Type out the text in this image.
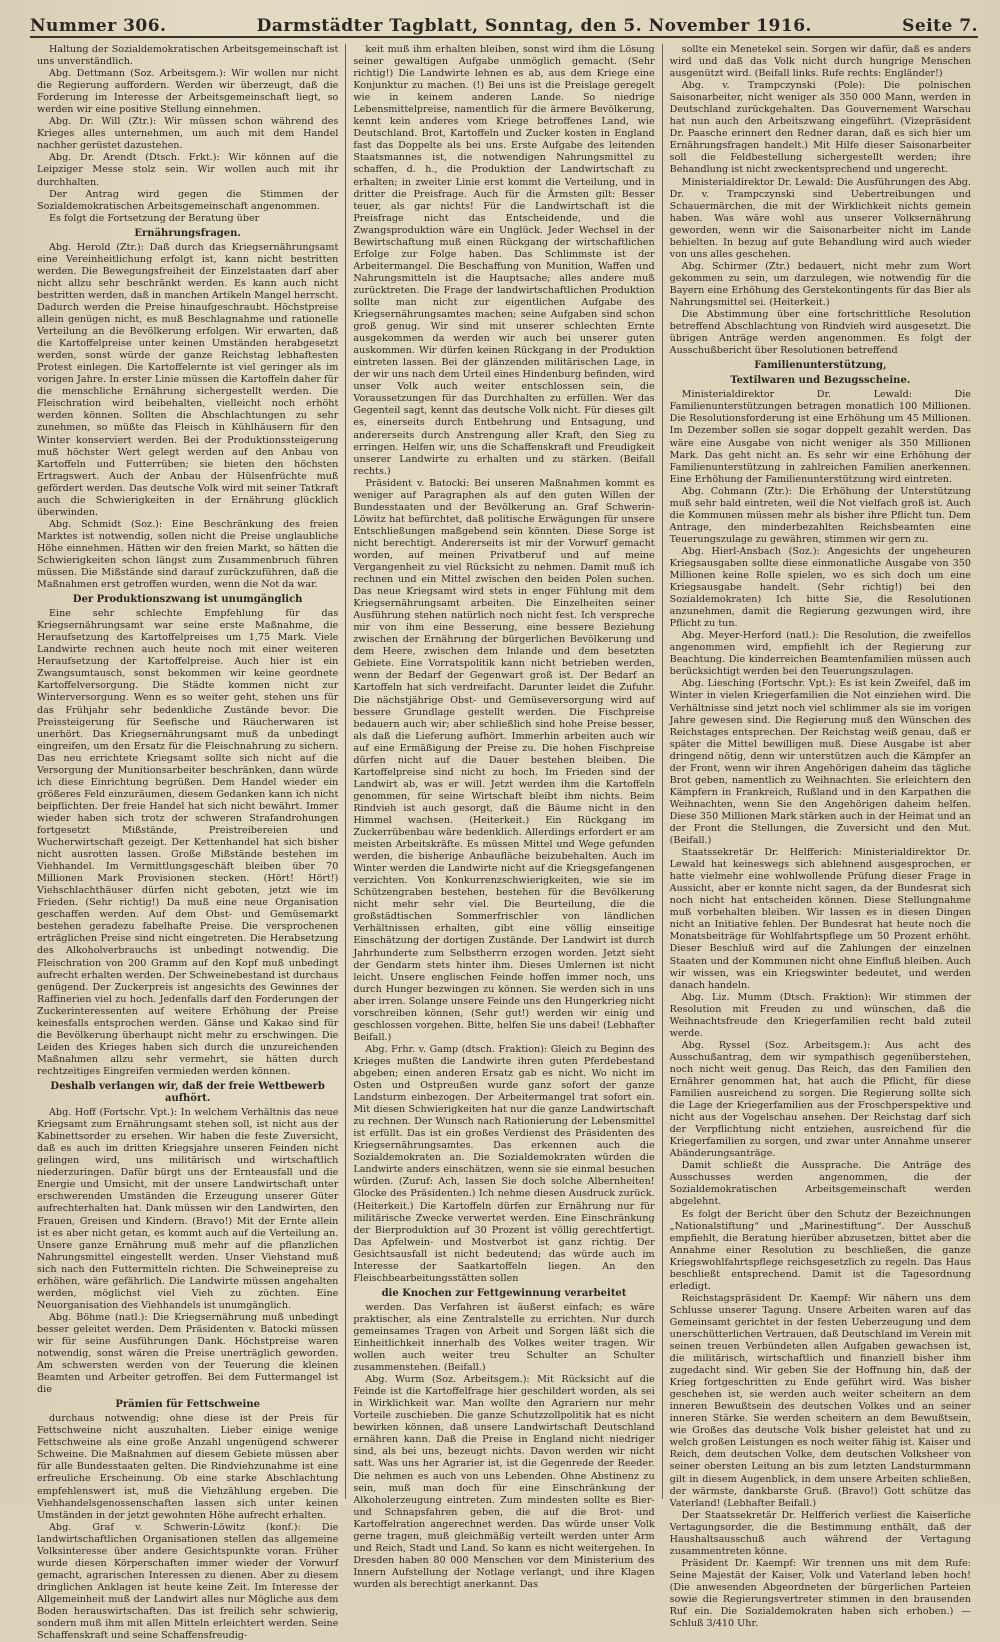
Nummer 306.	Darmstädter Tagblatt, Sonntag, den 5. November 1916.	Seite 7.

Haltung der Sozialdemokratischen Arbeitsgemeinschaft ist uns unverständlich.

Abg. Dettmann (Soz. Arbeitsgem.): Wir wollen nur nicht die Regierung auffordern. Werden wir überzeugt, daß die Forderung im Interesse der Arbeitsgemeinschaft liegt, so werden wir eine positive Stellung einnehmen.

Abg. Dr. Will (Ztr.): Wir müssen schon während des Krieges alles unternehmen, um auch mit dem Handel nachher gerüstet dazustehen.

Abg. Dr. Arendt (Dtsch. Frkt.): Wir können auf die Leipziger Messe stolz sein. Wir wollen auch mit ihr durchhalten.

Der Antrag wird gegen die Stimmen der Sozialdemokratischen Arbeitsgemeinschaft angenommen.

Es folgt die Fortsetzung der Beratung über

Ernährungsfragen.

Abg. Herold (Ztr.): Daß durch das Kriegsernährungsamt eine Vereinheitlichung erfolgt ist, kann nicht bestritten werden. Die Bewegungsfreiheit der Einzelstaaten darf aber nicht allzu sehr beschränkt werden. Es kann auch nicht bestritten werden, daß in manchen Artikeln Mangel herrscht. Dadurch werden die Preise hinaufgeschraubt. Höchstpreise allein genügen nicht, es muß Beschlagnahme und rationelle Verteilung an die Bevölkerung erfolgen. Wir erwarten, daß die Kartoffelpreise unter keinen Umständen herabgesetzt werden, sonst würde der ganze Reichstag lebhaftesten Protest einlegen. Die Kartoffelernte ist viel geringer als im vorigen Jahre. In erster Linie müssen die Kartoffeln daher für die menschliche Ernährung sichergestellt werden. Die Fleischration wird beibehalten, vielleicht noch erhöht werden können. Sollten die Abschlachtungen zu sehr zunehmen, so müßte das Fleisch in Kühlhäusern für den Winter konserviert werden. Bei der Produktionssteigerung muß höchster Wert gelegt werden auf den Anbau von Kartoffeln und Futterrüben; sie bieten den höchsten Ertragswert. Auch der Anbau der Hülsenfrüchte muß gefördert werden. Das deutsche Volk wird mit seiner Tatkraft auch die Schwierigkeiten in der Ernährung glücklich überwinden.

Abg. Schmidt (Soz.): Eine Beschränkung des freien Marktes ist notwendig, sollen nicht die Preise unglaubliche Höhe einnehmen. Hätten wir den freien Markt, so hätten die Schwierigkeiten schon längst zum Zusammenbruch führen müssen. Die Mißstände sind darauf zurückzuführen, daß die Maßnahmen erst getroffen wurden, wenn die Not da war.

Der Produktionszwang ist unumgänglich

Eine sehr schlechte Empfehlung für das Kriegsernährungsamt war seine erste Maßnahme, die Heraufsetzung des Kartoffelpreises um 1,75 Mark. Viele Landwirte rechnen auch heute noch mit einer weiteren Heraufsetzung der Kartoffelpreise. Auch hier ist ein Zwangsumtausch, sonst bekommen wir keine geordnete Kartoffelversorgung. Die Städte kommen nicht zur Winterversorgung. Wenn es so weiter geht, stehen uns für das Frühjahr sehr bedenkliche Zustände bevor. Die Preissteigerung für Seefische und Räucherwaren ist unerhört. Das Kriegsernährungsamt muß da unbedingt eingreifen, um den Ersatz für die Fleischnahrung zu sichern. Das neu errichtete Kriegsamt sollte sich nicht auf die Versorgung der Munitionsarbeiter beschränken, dann würde ich diese Einrichtung begrüßen. Dem Handel wieder ein größeres Feld einzuräumen, diesem Gedanken kann ich nicht beipflichten. Der freie Handel hat sich nicht bewährt. Immer wieder haben sich trotz der schweren Strafandrohungen fortgesetzt Mißstände, Preistreibereien und Wucherwirtschaft gezeigt. Der Kettenhandel hat sich bisher nicht ausrotten lassen. Große Mißstände bestehen im Viehhandel. Im Vermittlungsgeschäft bleiben über 70 Millionen Mark Provisionen stecken. (Hört! Hört!) Viehschlachthäuser dürfen nicht geboten, jetzt wie im Frieden. (Sehr richtig!) Da muß eine neue Organisation geschaffen werden. Auf dem Obst- und Gemüsemarkt bestehen geradezu fabelhafte Preise. Die versprochenen erträglichen Preise sind nicht eingetreten. Die Herabsetzung des Alkoholverbrauchs ist unbedingt notwendig. Die Fleischration von 200 Gramm auf den Kopf muß unbedingt aufrecht erhalten werden. Der Schweinebestand ist durchaus genügend. Der Zuckerpreis ist angesichts des Gewinnes der Raffinerien viel zu hoch. Jedenfalls darf den Forderungen der Zuckerinteressenten auf weitere Erhöhung der Preise keinesfalls entsprochen werden. Gänse und Kakao sind für die Bevölkerung überhaupt nicht mehr zu erschwingen. Die Leiden des Krieges haben sich durch die unzureichenden Maßnahmen allzu sehr vermehrt, sie hätten durch rechtzeitiges Eingreifen vermieden werden können.

Deshalb verlangen wir, daß der freie Wettbewerb aufhört.

Abg. Hoff (Fortschr. Vpt.): In welchem Verhältnis das neue Kriegsamt zum Ernährungsamt stehen soll, ist nicht aus der Kabinettsorder zu ersehen. Wir haben die feste Zuversicht, daß es auch im dritten Kriegsjahre unseren Feinden nicht gelingen wird, uns militärisch und wirtschaftlich niederzuringen. Dafür bürgt uns der Ernteausfall und die Energie und Umsicht, mit der unsere Landwirtschaft unter erschwerenden Umständen die Erzeugung unserer Güter aufrechterhalten hat. Dank müssen wir den Landwirten, den Frauen, Greisen und Kindern. (Bravo!) Mit der Ernte allein ist es aber nicht getan, es kommt auch auf die Verteilung an. Unsere ganze Ernährung muß mehr auf die pflanzlichen Nahrungsmittel eingestellt werden. Unser Viehstand muß sich nach den Futtermitteln richten. Die Schweinepreise zu erhöhen, wäre gefährlich. Die Landwirte müssen angehalten werden, möglichst viel Vieh zu züchten. Eine Neuorganisation des Viehhandels ist unumgänglich.

Abg. Böhme (natl.): Die Kriegsernährung muß unbedingt besser geleitet werden. Dem Präsidenten v. Batocki müssen wir für seine Ausführungen Dank. Höchstpreise waren notwendig, sonst wären die Preise unerträglich geworden. Am schwersten werden von der Teuerung die kleinen Beamten und Arbeiter getroffen. Bei dem Futtermangel ist die

Prämien für Fettschweine

durchaus notwendig; ohne diese ist der Preis für Fettschweine nicht auszuhalten. Lieber einige wenige Fettschweine als eine große Anzahl ungenügend schwerer Schweine. Die Maßnahmen auf diesem Gebiete müssen aber für alle Bundesstaaten gelten. Die Rindviehzunahme ist eine erfreuliche Erscheinung. Ob eine starke Abschlachtung empfehlenswert ist, muß die Viehzählung ergeben. Die Viehhandelsgenossenschaften lassen sich unter keinen Umständen in der jetzt gewohnten Höhe aufrecht erhalten.

Abg. Graf v. Schwerin-Löwitz (konf.): Die landwirtschaftlichen Organisationen stellen das allgemeine Volksinteresse über andere Gesichtspunkte voran. Früher wurde diesen Körperschaften immer wieder der Vorwurf gemacht, agrarischen Interessen zu dienen. Aber zu diesem dringlichen Anklagen ist heute keine Zeit. Im Interesse der Allgemeinheit muß der Landwirt alles nur Mögliche aus dem Boden herauswirtschaften. Das ist freilich sehr schwierig, sondern muß ihm mit allen Mitteln erleichtert werden. Seine Schaffenskraft und seine Schaffensfreudig-

keit muß ihm erhalten bleiben, sonst wird ihm die Lösung seiner gewaltigen Aufgabe unmöglich gemacht. (Sehr richtig!) Die Landwirte lehnen es ab, aus dem Kriege eine Konjunktur zu machen. (!) Bei uns ist die Preislage geregelt wie in keinem anderen Lande. So niedrige Lebensmittelpreise, namentlich für die ärmere Bevölkerung, kennt kein anderes vom Kriege betroffenes Land, wie Deutschland. Brot, Kartoffeln und Zucker kosten in England fast das Doppelte als bei uns. Erste Aufgabe des leitenden Staatsmannes ist, die notwendigen Nahrungsmittel zu schaffen, d. h., die Produktion der Landwirtschaft zu erhalten; in zweiter Linie erst kommt die Verteilung, und in dritter die Preisfrage. Auch für die Ärmsten gilt: Besser teuer, als gar nichts! Für die Landwirtschaft ist die Preisfrage nicht das Entscheidende, und die Zwangsproduktion wäre ein Unglück. Jeder Wechsel in der Bewirtschaftung muß einen Rückgang der wirtschaftlichen Erfolge zur Folge haben. Das Schlimmste ist der Arbeitermangel. Die Beschaffung von Munition, Waffen und Nahrungsmitteln ist die Hauptsache; alles andere muß zurücktreten. Die Frage der landwirtschaftlichen Produktion sollte man nicht zur eigentlichen Aufgabe des Kriegsernährungsamtes machen; seine Aufgaben sind schon groß genug. Wir sind mit unserer schlechten Ernte ausgekommen da werden wir auch bei unserer guten auskommen. Wir dürfen keinen Rückgang in der Produktion eintreten lassen. Bei der glänzenden militärischen Lage, in der wir uns nach dem Urteil eines Hindenburg befinden, wird unser Volk auch weiter entschlossen sein, die Voraussetzungen für das Durchhalten zu erfüllen. Wer das Gegenteil sagt, kennt das deutsche Volk nicht. Für dieses gilt es, einerseits durch Entbehrung und Entsagung, und andererseits durch Anstrengung aller Kraft, den Sieg zu erringen. Helfen wir, uns die Schaffenskraft und Freudigkeit unserer Landwirte zu erhalten und zu stärken. (Beifall rechts.)

Präsident v. Batocki: Bei unseren Maßnahmen kommt es weniger auf Paragraphen als auf den guten Willen der Bundesstaaten und der Bevölkerung an. Graf Schwerin-Löwitz hat befürchtet, daß politische Erwägungen für unsere Entschließungen maßgebend sein könnten. Diese Sorge ist nicht berechtigt. Andererseits ist mir der Vorwurf gemacht worden, auf meinen Privatberuf und auf meine Vergangenheit zu viel Rücksicht zu nehmen. Damit muß ich rechnen und ein Mittel zwischen den beiden Polen suchen. Das neue Kriegsamt wird stets in enger Fühlung mit dem Kriegsernährungsamt arbeiten. Die Einzelheiten seiner Ausführung stehen natürlich noch nicht fest. Ich verspreche mir von ihm eine Besserung, eine bessere Beziehung zwischen der Ernährung der bürgerlichen Bevölkerung und dem Heere, zwischen dem Inlande und dem besetzten Gebiete. Eine Vorratspolitik kann nicht betrieben werden, wenn der Bedarf der Gegenwart groß ist. Der Bedarf an Kartoffeln hat sich verdreifacht. Darunter leidet die Zufuhr. Die nächstjährige Obst- und Gemüseversorgung wird auf bessere Grundlage gestellt werden. Die Fischpreise bedauern auch wir; aber schließlich sind hohe Preise besser, als daß die Lieferung aufhört. Immerhin arbeiten auch wir auf eine Ermäßigung der Preise zu. Die hohen Fischpreise dürfen nicht auf die Dauer bestehen bleiben. Die Kartoffelpreise sind nicht zu hoch. Im Frieden sind der Landwirt ab, was er will. Jetzt werden ihm die Kartoffeln genommen, für seine Wirtschaft bleibt ihm nichts. Beim Rindvieh ist auch gesorgt, daß die Bäume nicht in den Himmel wachsen. (Heiterkeit.) Ein Rückgang im Zuckerrübenbau wäre bedenklich. Allerdings erfordert er am meisten Arbeitskräfte. Es müssen Mittel und Wege gefunden werden, die bisherige Anbaufläche beizubehalten. Auch im Winter werden die Landwirte nicht auf die Kriegsgefangenen verzichten. Von Konkurrenzschwierigkeiten, wie sie im Schützengraben bestehen, bestehen für die Bevölkerung nicht mehr sehr viel. Die Beurteilung, die die großstädtischen Sommerfrischler von ländlichen Verhältnissen erhalten, gibt eine völlig einseitige Einschätzung der dortigen Zustände. Der Landwirt ist durch Jahrhunderte zum Selbstherrn erzogen worden. Jetzt sieht der Gendarm stets hinter ihm. Dieses Umlernen ist nicht leicht. Unsere englischen Feinde hoffen immer noch, uns durch Hunger bezwingen zu können. Sie werden sich in uns aber irren. Solange unsere Feinde uns den Hungerkrieg nicht vorschreiben können, (Sehr gut!) werden wir einig und geschlossen vorgehen. Bitte, helfen Sie uns dabei! (Lebhafter Beifall.)

Abg. Frhr. v. Gamp (dtsch. Fraktion): Gleich zu Beginn des Krieges mußten die Landwirte ihren guten Pferdebestand abgeben; einen anderen Ersatz gab es nicht. Wo nicht im Osten und Ostpreußen wurde ganz sofort der ganze Landsturm einbezogen. Der Arbeitermangel trat sofort ein. Mit diesen Schwierigkeiten hat nur die ganze Landwirtschaft zu rechnen. Der Wunsch nach Rationierung der Lebensmittel ist erfüllt. Das ist ein großes Verdienst des Präsidenten des Kriegsernährungsamtes. Das erkennen auch die Sozialdemokraten an. Die Sozialdemokraten würden die Landwirte anders einschätzen, wenn sie sie einmal besuchen würden. (Zuruf: Ach, lassen Sie doch solche Albernheiten! Glocke des Präsidenten.) Ich nehme diesen Ausdruck zurück. (Heiterkeit.) Die Kartoffeln dürfen zur Ernährung nur für militärische Zwecke verwertet werden. Eine Einschränkung der Bierproduktion auf 30 Prozent ist völlig gerechtfertigt. Das Apfelwein- und Mostverbot ist ganz richtig. Der Gesichtsausfall ist nicht bedeutend; das würde auch im Interesse der Saatkartoffeln liegen. An den Fleischbearbeitungsstätten sollen

die Knochen zur Fettgewinnung verarbeitet

werden. Das Verfahren ist äußerst einfach; es wäre praktischer, als eine Zentralstelle zu errichten. Nur durch gemeinsames Tragen von Arbeit und Sorgen läßt sich die Einheitlichkeit innerhalb des Volkes weiter tragen. Wir wollen auch weiter treu Schulter an Schulter zusammenstehen. (Beifall.)

Abg. Wurm (Soz. Arbeitsgem.): Mit Rücksicht auf die Feinde ist die Kartoffelfrage hier geschildert worden, als sei in Wirklichkeit war. Man wollte den Agrariern nur mehr Vorteile zuschieben. Die ganze Schutzzollpolitik hat es nicht bewirken können, daß unsere Landwirtschaft Deutschland ernähren kann. Daß die Preise in England nicht niedriger sind, als bei uns, bezeugt nichts. Davon werden wir nicht satt. Was uns her Agrarier ist, ist die Gegenrede der Reeder. Die nehmen es auch von uns Lebenden. Ohne Abstinenz zu sein, muß man doch für eine Einschränkung der Alkoholerzeugung eintreten. Zum mindesten sollte es Bier- und Schnapsfahren geben, die auf die Brot- und Kartoffelration angerechnet werden. Das würde unser Volk gerne tragen, muß gleichmäßig verteilt werden unter Arm und Reich, Stadt und Land. So kann es nicht weitergehen. In Dresden haben 80 000 Menschen vor dem Ministerium des Innern Aufstellung der Notlage verlangt, und ihre Klagen wurden als berechtigt anerkannt. Das

sollte ein Menetekel sein. Sorgen wir dafür, daß es anders wird und daß das Volk nicht durch hungrige Menschen ausgenützt wird. (Beifall links. Rufe rechts: Engländer!)

Abg. v. Trampczynski (Pole): Die polnischen Saisonarbeiter, nicht weniger als 350 000 Mann, werden in Deutschland zurückgehalten. Das Gouvernement Warschau hat nun auch den Arbeitszwang eingeführt. (Vizepräsident Dr. Paasche erinnert den Redner daran, daß es sich hier um Ernährungsfragen handelt.) Mit Hilfe dieser Saisonarbeiter soll die Feldbestellung sichergestellt werden; ihre Behandlung ist nicht zweckentsprechend und ungerecht.

Ministerialdirektor Dr. Lewald: Die Ausführungen des Abg. Dr. v. Trampczynski sind Uebertreibungen und Schauermärchen, die mit der Wirklichkeit nichts gemein haben. Was wäre wohl aus unserer Volksernährung geworden, wenn wir die Saisonarbeiter nicht im Lande behielten. In bezug auf gute Behandlung wird auch wieder von uns alles geschehen.

Abg. Schirmer (Ztr.) bedauert, nicht mehr zum Wort gekommen zu sein, um darzulegen, wie notwendig für die Bayern eine Erhöhung des Gerstekontingents für das Bier als Nahrungsmittel sei. (Heiterkeit.)

Die Abstimmung über eine fortschrittliche Resolution betreffend Abschlachtung von Rindvieh wird ausgesetzt. Die übrigen Anträge werden angenommen. Es folgt der Ausschußbericht über Resolutionen betreffend

Familienunterstützung,
Textilwaren und Bezugsscheine.

Ministerialdirektor Dr. Lewald: Die Familienunterstützungen betragen monatlich 100 Millionen. Die Resolutionsforderung ist eine Erhöhung um 45 Millionen. Im Dezember sollen sie sogar doppelt gezahlt werden. Das wäre eine Ausgabe von nicht weniger als 350 Millionen Mark. Das geht nicht an. Es sehr wir eine Erhöhung der Familienunterstützung in zahlreichen Familien anerkennen. Eine Erhöhung der Familienunterstützung wird eintreten.

Abg. Cohmann (Ztr.): Die Erhöhung der Unterstützung muß sehr bald eintreten, weil die Not vielfach groß ist. Auch die Kommunen müssen mehr als bisher ihre Pflicht tun. Dem Antrage, den minderbezahlten Reichsbeamten eine Teuerungszulage zu gewähren, stimmen wir gern zu.

Abg. Hierl-Ansbach (Soz.): Angesichts der ungeheuren Kriegsausgaben sollte diese einmonatliche Ausgabe von 350 Millionen keine Rolle spielen, wo es sich doch um eine Kriegsausgabe handelt. (Sehr richtig!) bei den Sozialdemokraten) Ich bitte Sie, die Resolutionen anzunehmen, damit die Regierung gezwungen wird, ihre Pflicht zu tun.

Abg. Meyer-Herford (natl.): Die Resolution, die zweifellos angenommen wird, empfiehlt ich der Regierung zur Beachtung. Die kinderreichen Beamtenfamilien müssen auch berücksichtigt werden bei den Teuerungszulagen.

Abg. Liesching (Fortschr. Vpt.): Es ist kein Zweifel, daß im Winter in vielen Kriegerfamilien die Not einziehen wird. Die Verhältnisse sind jetzt noch viel schlimmer als sie im vorigen Jahre gewesen sind. Die Regierung muß den Wünschen des Reichstages entsprechen. Der Reichstag weiß genau, daß er später die Mittel bewilligen muß. Diese Ausgabe ist aber dringend nötig, denn wir unterstützen auch die Kämpfer an der Front, wenn wir ihren Angehörigen daheim das tägliche Brot geben, namentlich zu Weihnachten. Sie erleichtern den Kämpfern in Frankreich, Rußland und in den Karpathen die Weihnachten, wenn Sie den Angehörigen daheim helfen. Diese 350 Millionen Mark stärken auch in der Heimat und an der Front die Stellungen, die Zuversicht und den Mut. (Beifall.)

Staatssekretär Dr. Helfferich: Ministerialdirektor Dr. Lewald hat keineswegs sich ablehnend ausgesprochen, er hatte vielmehr eine wohlwollende Prüfung dieser Frage in Aussicht, aber er konnte nicht sagen, da der Bundesrat sich noch nicht hat entscheiden können. Diese Stellungnahme muß vorbehalten bleiben. Wir lassen es in diesen Dingen nicht an Initiative fehlen. Der Bundesrat hat heute noch die Monatsbeiträge für Wohlfahrtspflege um 50 Prozent erhöht. Dieser Beschluß wird auf die Zahlungen der einzelnen Staaten und der Kommunen nicht ohne Einfluß bleiben. Auch wir wissen, was ein Kriegswinter bedeutet, und werden danach handeln.

Abg. Liz. Mumm (Dtsch. Fraktion): Wir stimmen der Resolution mit Freuden zu und wünschen, daß die Weihnachtsfreude den Kriegerfamilien recht bald zuteil werde.

Abg. Ryssel (Soz. Arbeitsgem.): Aus acht des Ausschußantrag, dem wir sympathisch gegenüberstehen, noch nicht weit genug. Das Reich, das den Familien den Ernährer genommen hat, hat auch die Pflicht, für diese Familien ausreichend zu sorgen. Die Regierung sollte sich die Lage der Kriegerfamilien aus der Froschperspektive und nicht aus der Vogelschau ansehen. Der Reichstag darf sich der Verpflichtung nicht entziehen, ausreichend für die Kriegerfamilien zu sorgen, und zwar unter Annahme unserer Abänderungsanträge.

Damit schließt die Aussprache. Die Anträge des Ausschusses werden angenommen, die der Sozialdemokratischen Arbeitsgemeinschaft werden abgelehnt.

Es folgt der Bericht über den Schutz der Bezeichnungen „Nationalstiftung“ und „Marinestiftung“. Der Ausschuß empfiehlt, die Beratung hierüber abzusetzen, bittet aber die Annahme einer Resolution zu beschließen, die ganze Kriegswohlfahrtspflege reichsgesetzlich zu regeln. Das Haus beschließt entsprechend. Damit ist die Tagesordnung erledigt.

Reichstagspräsident Dr. Kaempf: Wir nähern uns dem Schlusse unserer Tagung. Unsere Arbeiten waren auf das Gemeinsamt gerichtet in der festen Ueberzeugung und dem unerschütterlichen Vertrauen, daß Deutschland im Verein mit seinen treuen Verbündeten allen Aufgaben gewachsen ist, die militärisch, wirtschaftlich und finanziell bisher ihm zugedacht sind. Wir geben Sie der Hoffnung hin, daß der Krieg fortgeschritten zu Ende geführt wird. Was bisher geschehen ist, sie werden auch weiter scheitern an dem inneren Bewußtsein des deutschen Volkes und an seiner inneren Stärke. Sie werden scheitern an dem Bewußtsein, wie Großes das deutsche Volk bisher geleistet hat und zu welch großen Leistungen es noch weiter fähig ist. Kaiser und Reich, dem deutschen Volke, dem deutschen Volksheer von seiner obersten Leitung an bis zum letzten Landsturmmann gilt in diesem Augenblick, in dem unsere Arbeiten schließen, der wärmste, dankbarste Gruß. (Bravo!) Gott schütze das Vaterland! (Lebhafter Beifall.)

Der Staatssekretär Dr. Helfferich verliest die Kaiserliche Vertagungsorder, die die Bestimmung enthält, daß der Haushaltsausschuß auch während der Vertagung zusammentreten könne.

Präsident Dr. Kaempf: Wir trennen uns mit dem Rufe: Seine Majestät der Kaiser, Volk und Vaterland leben hoch! (Die anwesenden Abgeordneten der bürgerlichen Parteien sowie die Regierungsvertreter stimmen in den brausenden Ruf ein. Die Sozialdemokraten haben sich erhoben.) — Schluß 3/410 Uhr.
